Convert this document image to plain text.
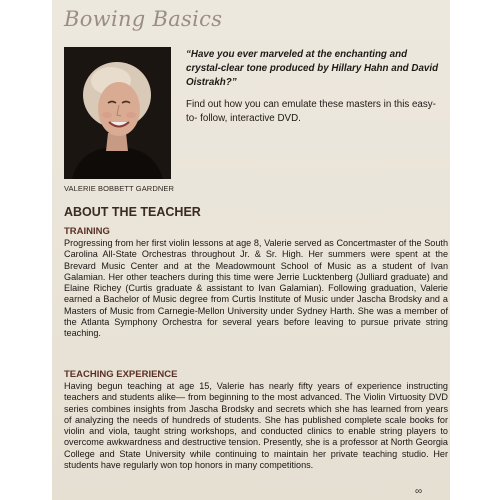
Bowing Basics
VALERIE BOBBETT GARDNER
“Have you ever marveled at the enchanting and crystal-clear tone produced by Hillary Hahn and David Oistrakh?”
Find out how you can emulate these masters in this easy-to- follow, interactive DVD.
ABOUT THE TEACHER
TRAINING
Progressing from her first violin lessons at age 8, Valerie served as Concertmaster of the South Carolina All-State Orchestras throughout Jr. & Sr. High. Her summers were spent at the Brevard Music Center and at the Meadowmount School of Music as a student of Ivan Galamian. Her other teachers during this time were Jerrie Lucktenberg (Julliard graduate) and Elaine Richey (Curtis graduate & assistant to Ivan Galamian). Following graduation, Valerie earned a Bachelor of Music degree from Curtis Institute of Music under Jascha Brodsky and a Masters of Music from Carnegie-Mellon University under Sydney Harth. She was a member of the Atlanta Symphony Orchestra for several years before leaving to pursue private string teaching.
TEACHING EXPERIENCE
Having begun teaching at age 15, Valerie has nearly fifty years of experience instructing teachers and students alike— from beginning to the most advanced. The Violin Virtuosity DVD series combines insights from Jascha Brodsky and secrets which she has learned from years of analyzing the needs of hundreds of students. She has published complete scale books for violin and viola, taught string workshops, and conducted clinics to enable string players to overcome awkwardness and destructive tension. Presently, she is a professor at North Georgia College and State University while continuing to maintain her private teaching studio. Her students have regularly won top honors in many competitions.
∞
